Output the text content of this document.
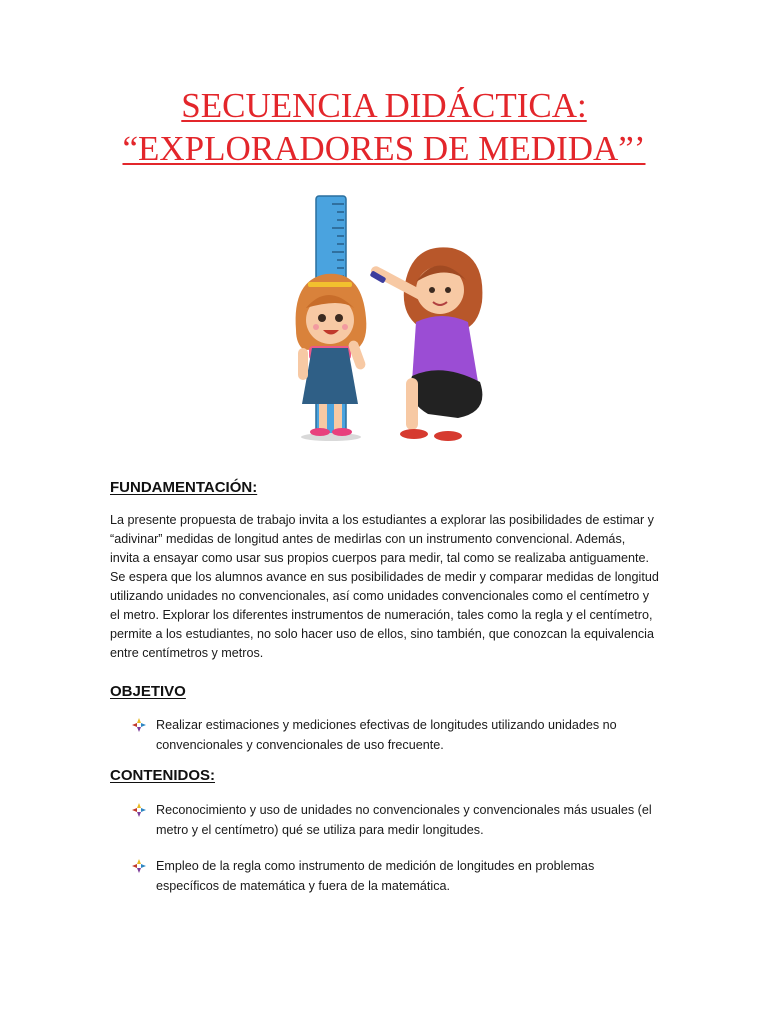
SECUENCIA DIDÁCTICA:
“EXPLORADORES DE MEDIDA”’
FUNDAMENTACIÓN:
La presente propuesta de trabajo invita a los estudiantes a explorar las posibilidades de estimar y
“adivinar” medidas de longitud antes de medirlas con un instrumento convencional. Además,
invita a ensayar como usar sus propios cuerpos para medir, tal como se realizaba antiguamente.
Se espera que los alumnos avance en sus posibilidades de medir y comparar medidas de longitud
utilizando unidades no convencionales, así como unidades convencionales como el centímetro y
el metro. Explorar los diferentes instrumentos de numeración, tales como la regla y el centímetro,
permite a los estudiantes, no solo hacer uso de ellos, sino también, que conozcan la equivalencia
entre centímetros y metros.
OBJETIVO

Realizar estimaciones y mediciones efectivas de longitudes utilizando unidades no

convencionales y convencionales de uso frecuente.

CONTENIDOS:

Reconocimiento y uso de unidades no convencionales y convencionales más usuales (el

metro y el centímetro) qué se utiliza para medir longitudes.

Empleo de la regla como instrumento de medición de longitudes en problemas

específicos de matemática y fuera de la matemática.
